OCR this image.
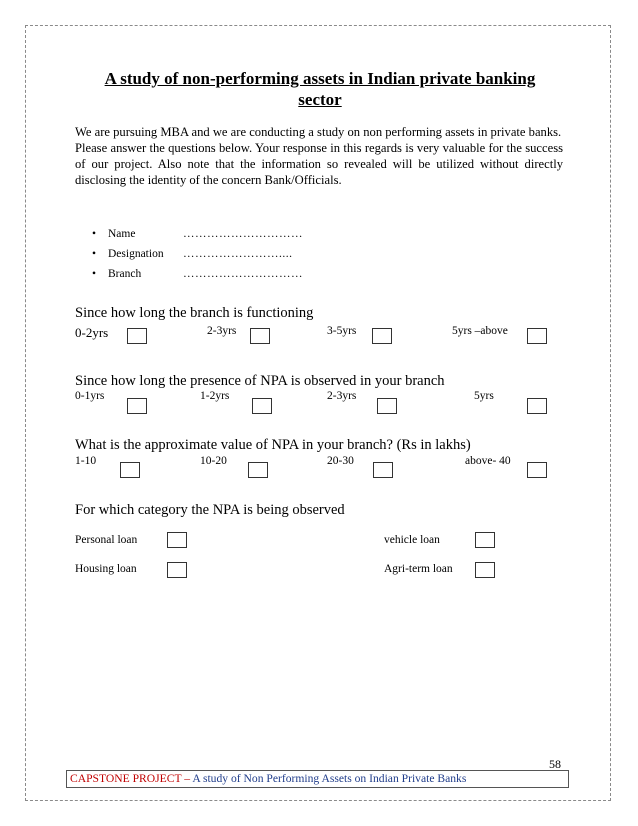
A study of non-performing assets in Indian private banking
sector

We are pursuing MBA and we are conducting a study on non performing assets in private banks.

Please answer the questions below. Your response in this regards is very valuable for the success of our project. Also note that the information so revealed will be utilized without directly disclosing the identity of the concern Bank/Officials.

• Name	…………………………
• Designation ……………………....
• Branch	…………………………
Since how long the branch is functioning
0-2yrs	2-3yrs	3-5yrs	5yrs –above
Since how long the presence of NPA is observed in your branch
0-1yrs	1-2yrs	2-3yrs	5yrs
What is the approximate value of NPA in your branch? (Rs in lakhs)
1-10	10-20	20-30	above- 40
For which category the NPA is being observed
Personal loan	vehicle loan
Housing loan	Agri-term loan
58
CAPSTONE PROJECT – A study of Non Performing Assets on Indian Private Banks
